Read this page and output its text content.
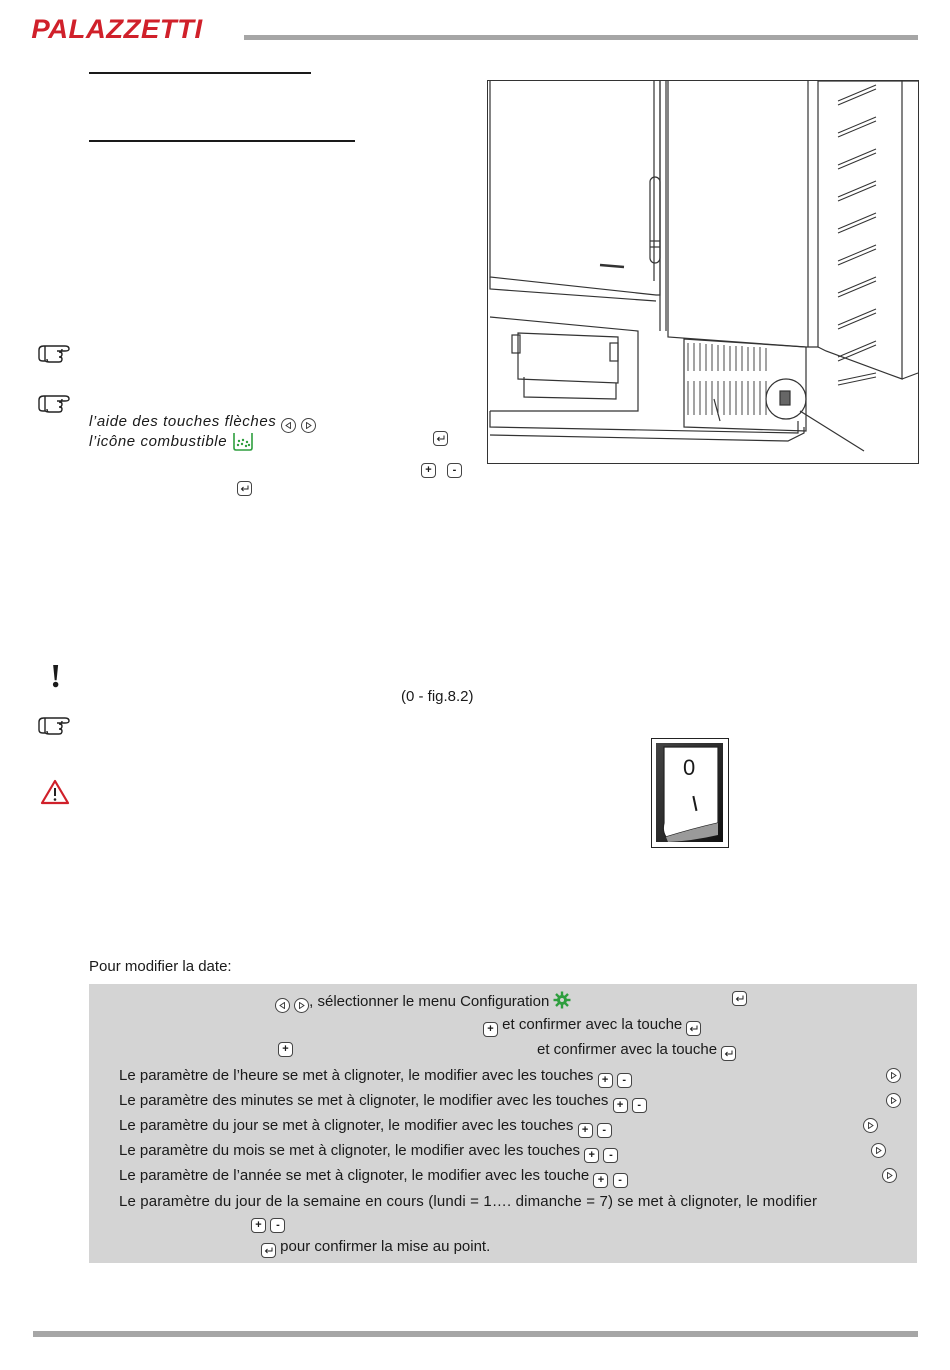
PALAZZETTI
l’aide des touches flèches

l’icône combustible
+	-
!
(0 - fig.8.2)
0
I
Pour modifier la date:

, sélectionner le menu Configuration
+ et confirmer avec la touche
+	et confirmer avec la touche
Le paramètre de l’heure se met à clignoter, le modifier avec les touches + -
Le paramètre des minutes se met à clignoter, le modifier avec les touches + -
Le paramètre du jour se met à clignoter, le modifier avec les touches + -
Le paramètre du mois se met à clignoter, le modifier avec les touches + -
Le paramètre de l’année se met à clignoter, le modifier avec les touche + -
Le paramètre du jour de la semaine en cours (lundi = 1…. dimanche = 7) se met à clignoter, le modifier
+ -
pour confirmer la mise au point.
